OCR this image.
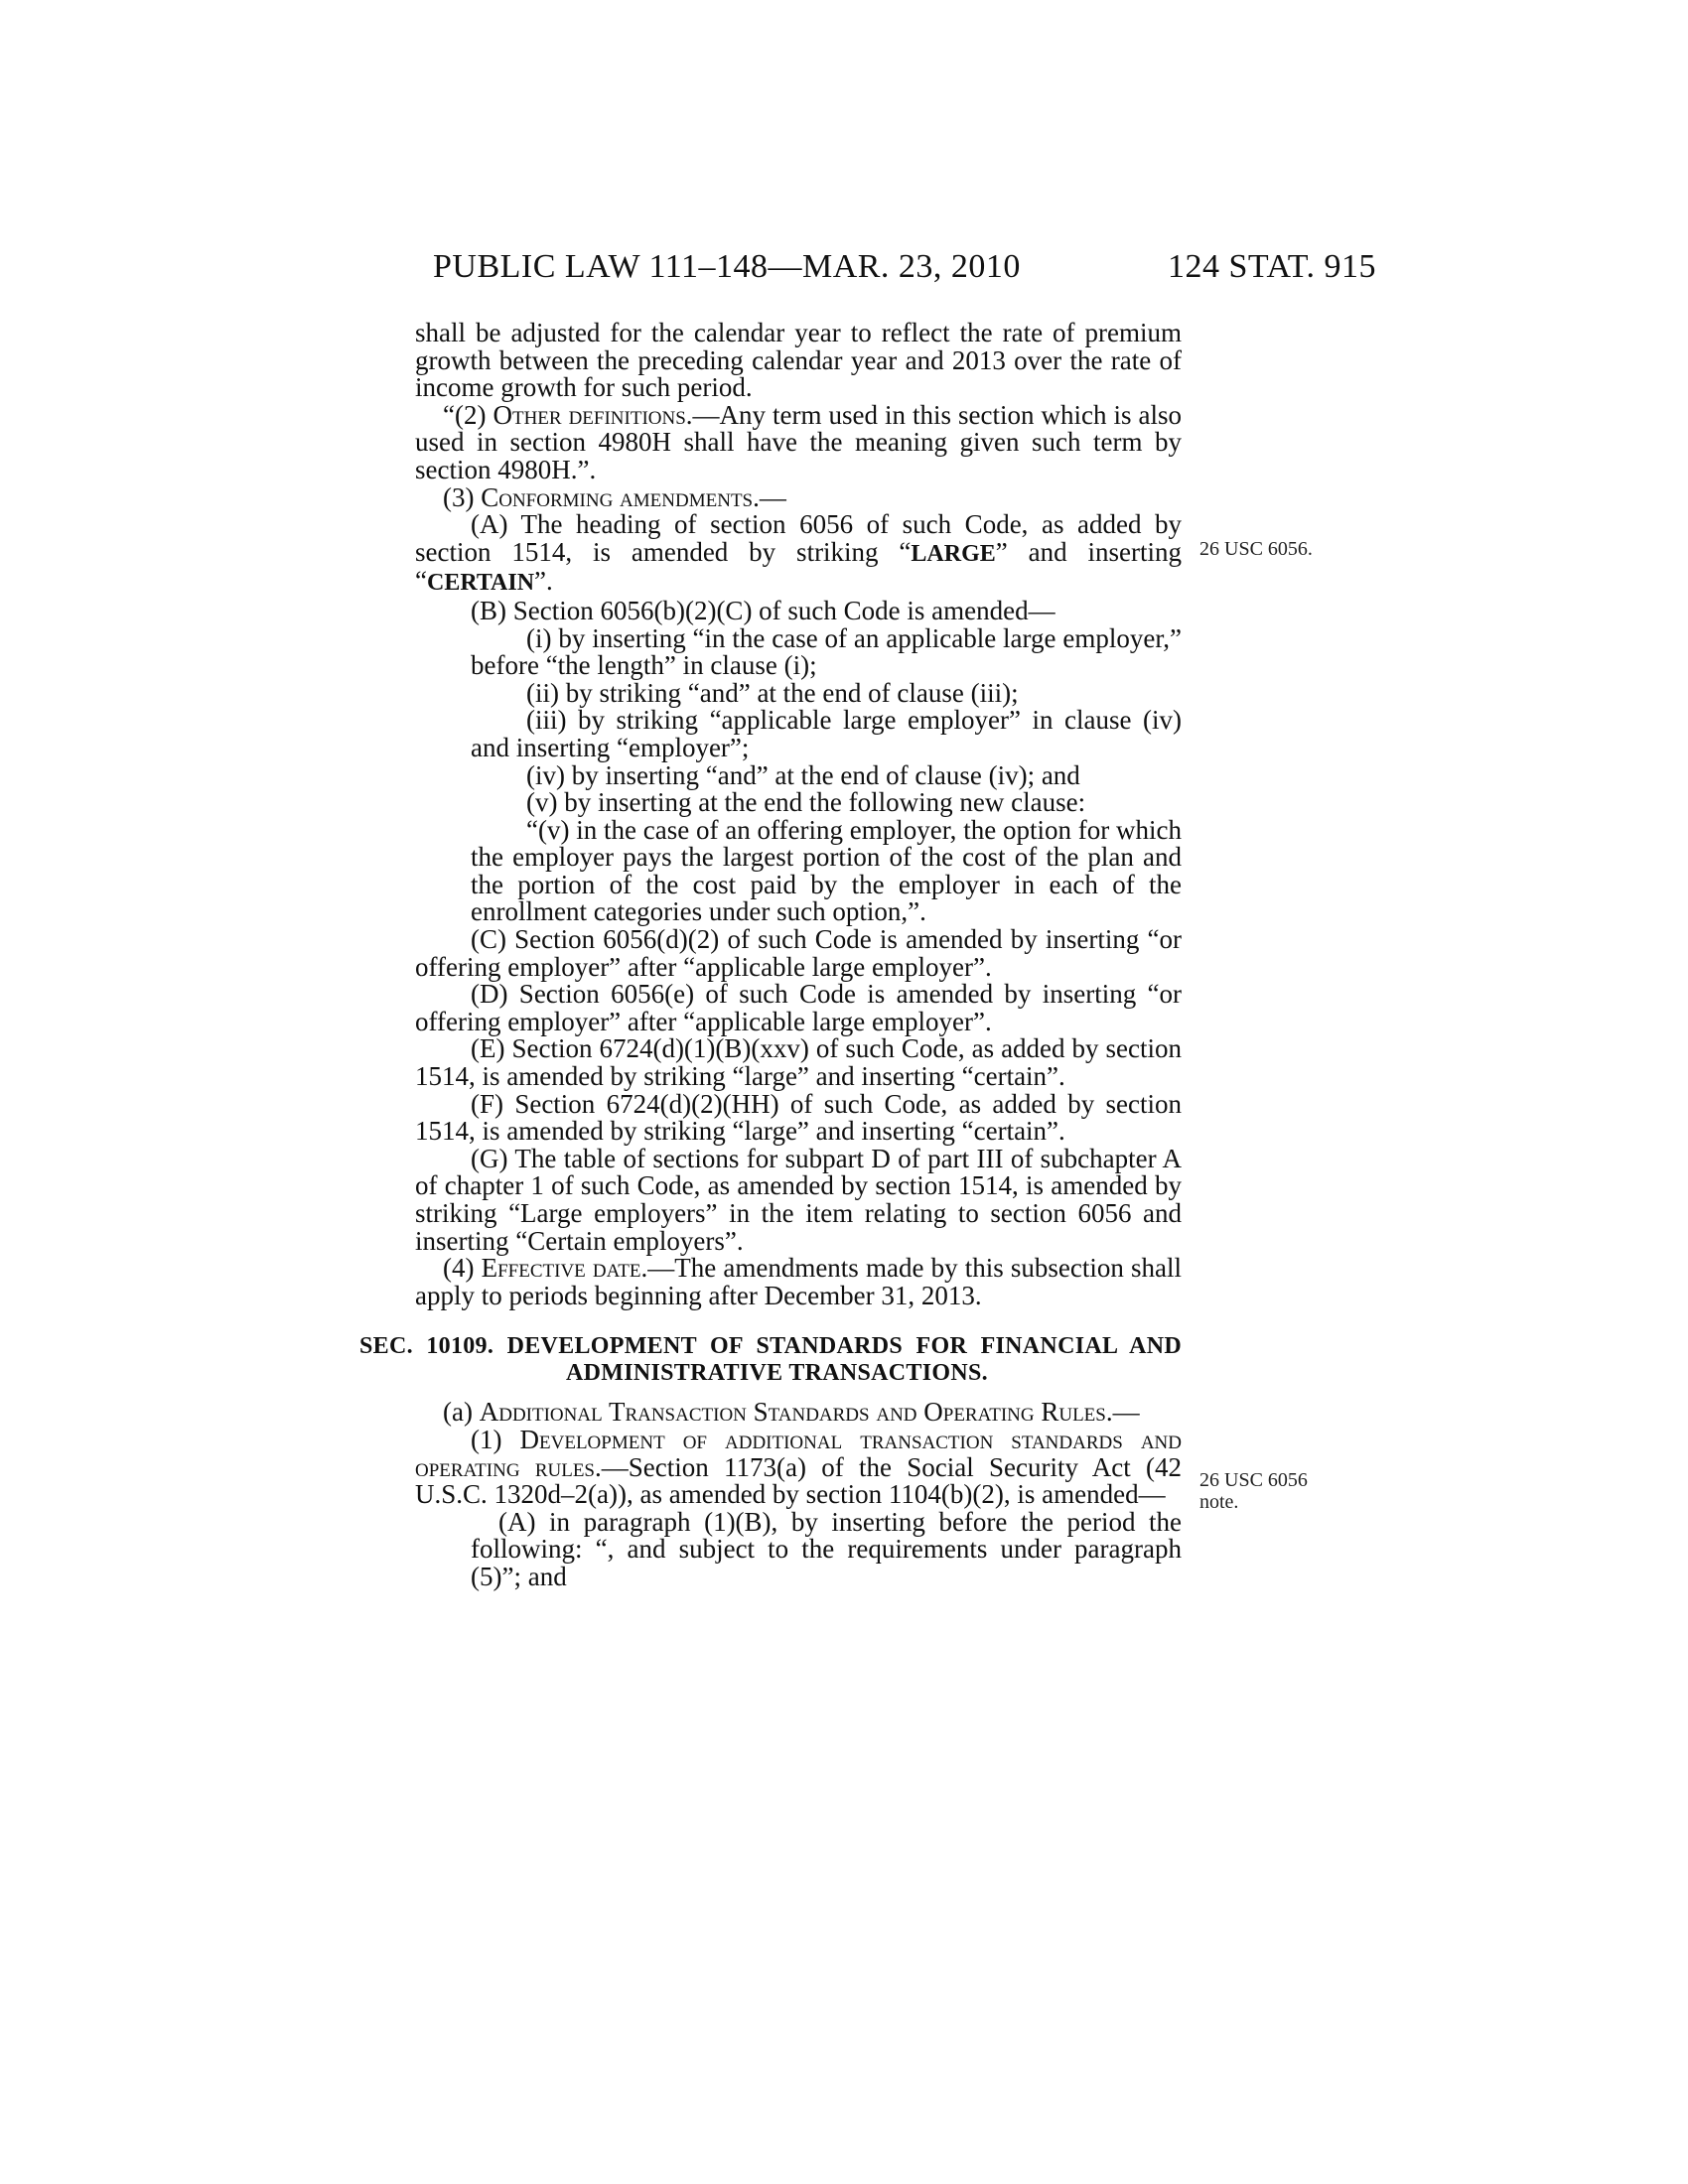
PUBLIC LAW 111–148—MAR. 23, 2010	124 STAT. 915
26 USC 6056.
26 USC 6056 note.

shall be adjusted for the calendar year to reflect the rate of premium growth between the preceding calendar year and 2013 over the rate of income growth for such period.

“(2) Other definitions.—Any term used in this section which is also used in section 4980H shall have the meaning given such term by section 4980H.”.

(3) Conforming amendments.—

(A) The heading of section 6056 of such Code, as added by section 1514, is amended by striking “LARGE” and inserting “CERTAIN”.

(B) Section 6056(b)(2)(C) of such Code is amended—

(i) by inserting “in the case of an applicable large employer,” before “the length” in clause (i);

(ii) by striking “and” at the end of clause (iii);

(iii) by striking “applicable large employer” in clause (iv) and inserting “employer”;

(iv) by inserting “and” at the end of clause (iv); and

(v) by inserting at the end the following new clause:

“(v) in the case of an offering employer, the option for which the employer pays the largest portion of the cost of the plan and the portion of the cost paid by the employer in each of the enrollment categories under such option,”.

(C) Section 6056(d)(2) of such Code is amended by inserting “or offering employer” after “applicable large employer”.

(D) Section 6056(e) of such Code is amended by inserting “or offering employer” after “applicable large employer”.

(E) Section 6724(d)(1)(B)(xxv) of such Code, as added by section 1514, is amended by striking “large” and inserting “certain”.

(F) Section 6724(d)(2)(HH) of such Code, as added by section 1514, is amended by striking “large” and inserting “certain”.

(G) The table of sections for subpart D of part III of subchapter A of chapter 1 of such Code, as amended by section 1514, is amended by striking “Large employers” in the item relating to section 6056 and inserting “Certain employers”.

(4) Effective date.—The amendments made by this subsection shall apply to periods beginning after December 31, 2013.

SEC. 10109. DEVELOPMENT OF STANDARDS FOR FINANCIAL AND ADMINISTRATIVE TRANSACTIONS.

(a) Additional Transaction Standards and Operating Rules.—

(1) Development of additional transaction standards and operating rules.—Section 1173(a) of the Social Security Act (42 U.S.C. 1320d–2(a)), as amended by section 1104(b)(2), is amended—

(A) in paragraph (1)(B), by inserting before the period the following: “, and subject to the requirements under paragraph (5)”; and
